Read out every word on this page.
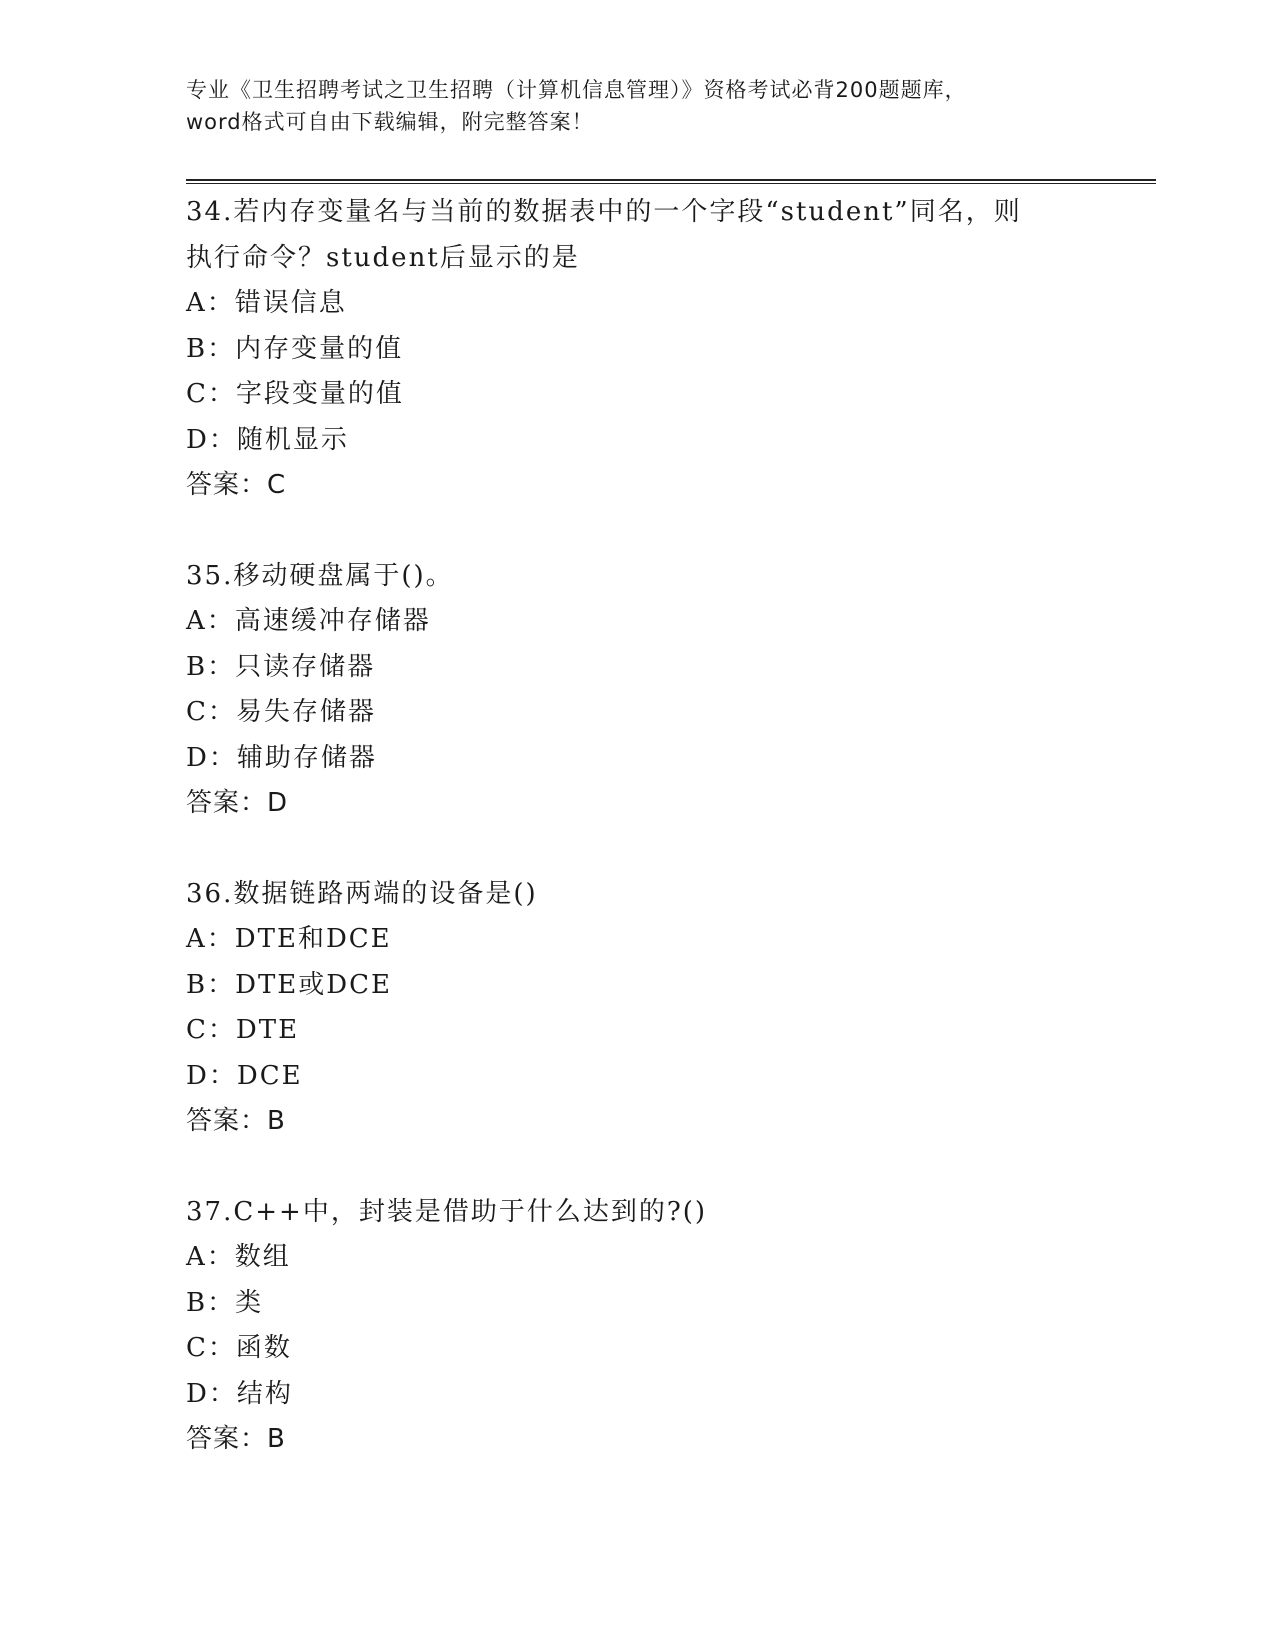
专业《卫生招聘考试之卫生招聘（计算机信息管理）》资格考试必背200题题库，
word格式可自由下载编辑，附完整答案！
34.若内存变量名与当前的数据表中的一个字段“student”同名，则
执行命令？student后显示的是
A：错误信息
B：内存变量的值
C：字段变量的值
D：随机显示
答案：C
35.移动硬盘属于()。
A：高速缓冲存储器
B：只读存储器
C：易失存储器
D：辅助存储器
答案：D
36.数据链路两端的设备是()
A：DTE和DCE
B：DTE或DCE
C：DTE
D：DCE
答案：B
37.C++中，封装是借助于什么达到的?()
A：数组
B：类
C：函数
D：结构
答案：B
